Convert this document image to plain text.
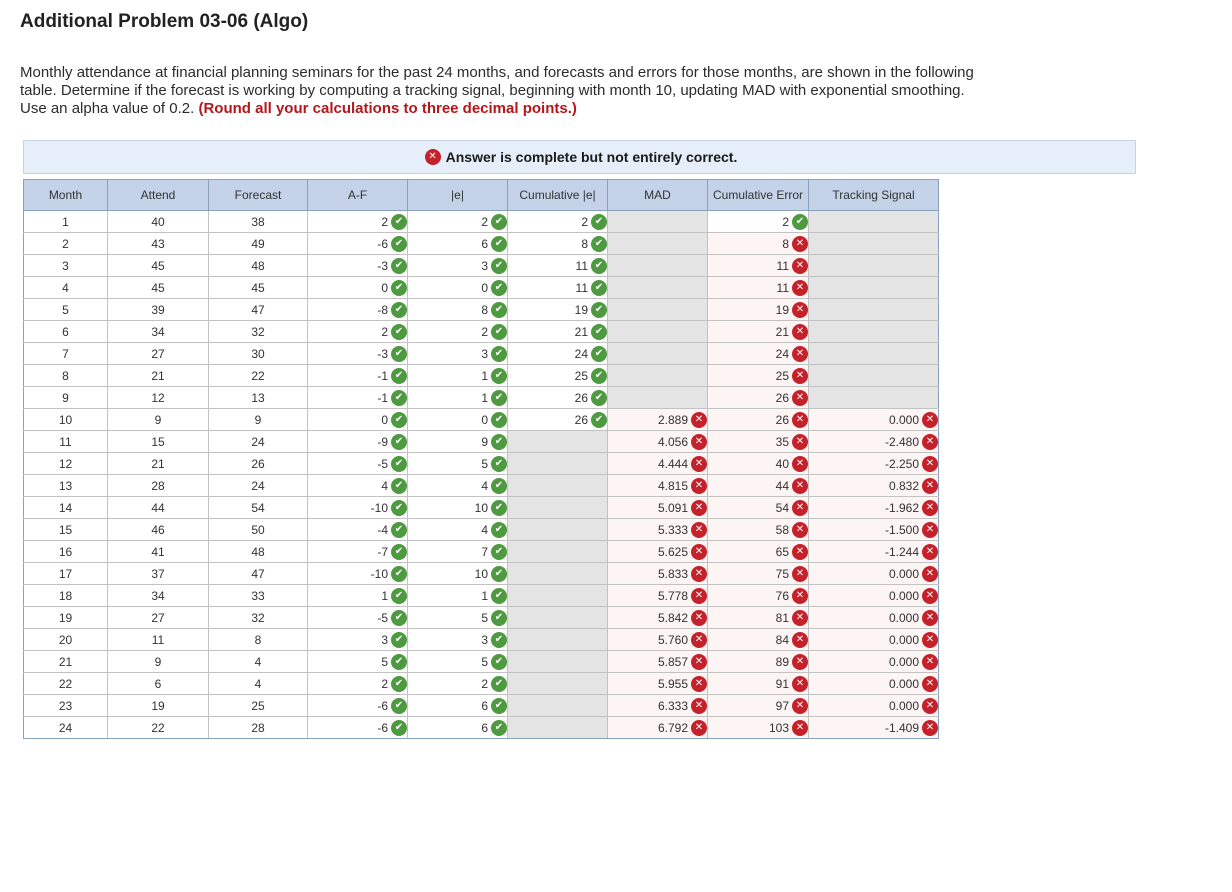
Additional Problem 03-06 (Algo)
Monthly attendance at financial planning seminars for the past 24 months, and forecasts and errors for those months, are shown in the following table. Determine if the forecast is working by computing a tracking signal, beginning with month 10, updating MAD with exponential smoothing. Use an alpha value of 0.2. (Round all your calculations to three decimal points.)
✕ Answer is complete but not entirely correct.
Month	Attend	Forecast	A-F	|e|	Cumulative |e|	MAD	Cumulative Error	Tracking Signal
1	40	38	2 ✔	2 ✔	2 ✔		2 ✔	
2	43	49	-6 ✔	6 ✔	8 ✔		8 ✕	
3	45	48	-3 ✔	3 ✔	11 ✔		11 ✕	
4	45	45	0 ✔	0 ✔	11 ✔		11 ✕	
5	39	47	-8 ✔	8 ✔	19 ✔		19 ✕	
6	34	32	2 ✔	2 ✔	21 ✔		21 ✕	
7	27	30	-3 ✔	3 ✔	24 ✔		24 ✕	
8	21	22	-1 ✔	1 ✔	25 ✔		25 ✕	
9	12	13	-1 ✔	1 ✔	26 ✔		26 ✕	
10	9	9	0 ✔	0 ✔	26 ✔	2.889 ✕	26 ✕	0.000 ✕
11	15	24	-9 ✔	9 ✔		4.056 ✕	35 ✕	-2.480 ✕
12	21	26	-5 ✔	5 ✔		4.444 ✕	40 ✕	-2.250 ✕
13	28	24	4 ✔	4 ✔		4.815 ✕	44 ✕	0.832 ✕
14	44	54	-10 ✔	10 ✔		5.091 ✕	54 ✕	-1.962 ✕
15	46	50	-4 ✔	4 ✔		5.333 ✕	58 ✕	-1.500 ✕
16	41	48	-7 ✔	7 ✔		5.625 ✕	65 ✕	-1.244 ✕
17	37	47	-10 ✔	10 ✔		5.833 ✕	75 ✕	0.000 ✕
18	34	33	1 ✔	1 ✔		5.778 ✕	76 ✕	0.000 ✕
19	27	32	-5 ✔	5 ✔		5.842 ✕	81 ✕	0.000 ✕
20	11	8	3 ✔	3 ✔		5.760 ✕	84 ✕	0.000 ✕
21	9	4	5 ✔	5 ✔		5.857 ✕	89 ✕	0.000 ✕
22	6	4	2 ✔	2 ✔		5.955 ✕	91 ✕	0.000 ✕
23	19	25	-6 ✔	6 ✔		6.333 ✕	97 ✕	0.000 ✕
24	22	28	-6 ✔	6 ✔		6.792 ✕	103 ✕	-1.409 ✕
